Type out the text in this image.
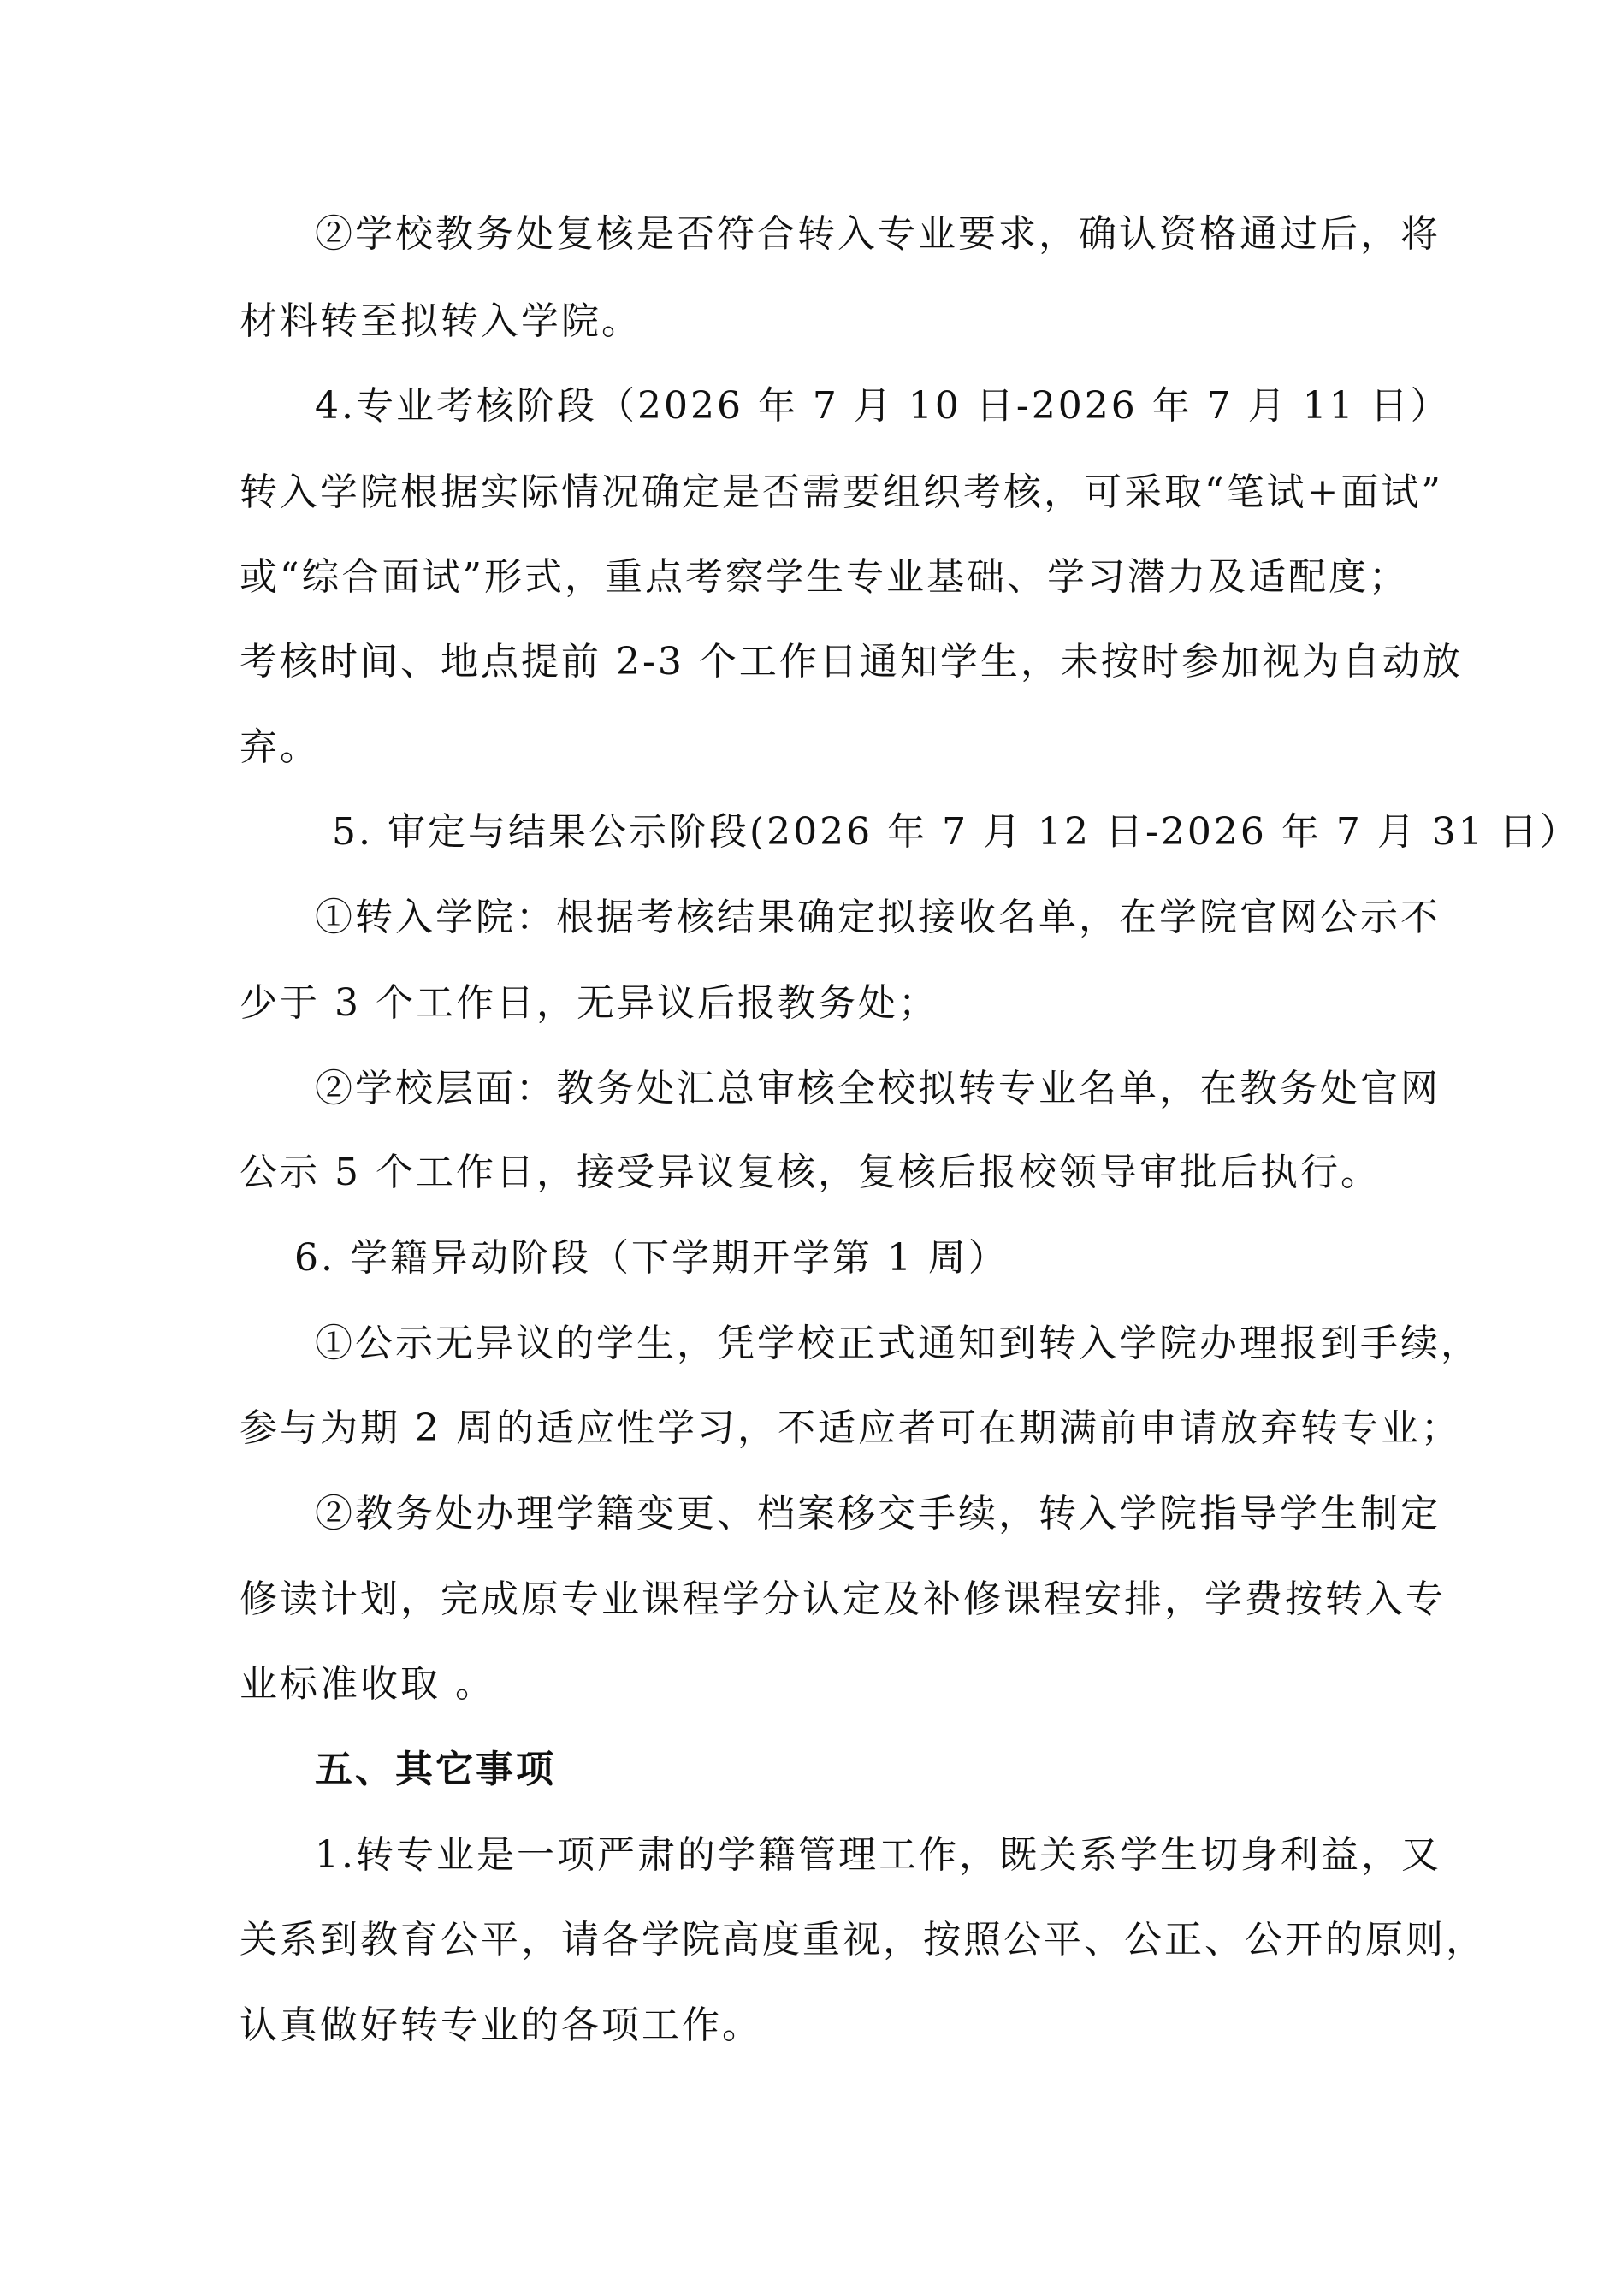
②学校教务处复核是否符合转入专业要求，确认资格通过后，将
材料转至拟转入学院。
4.专业考核阶段（2026 年 7 月 10 日-2026 年 7 月 11 日）
转入学院根据实际情况确定是否需要组织考核，可采取“笔试+面试”
或“综合面试”形式，重点考察学生专业基础、学习潜力及适配度；
考核时间、地点提前 2-3 个工作日通知学生，未按时参加视为自动放
弃。
5. 审定与结果公示阶段(2026 年 7 月 12 日-2026 年 7 月 31 日）
①转入学院：根据考核结果确定拟接收名单，在学院官网公示不
少于 3 个工作日，无异议后报教务处；
②学校层面：教务处汇总审核全校拟转专业名单，在教务处官网
公示 5 个工作日，接受异议复核，复核后报校领导审批后执行。
6. 学籍异动阶段（下学期开学第 1 周）
①公示无异议的学生，凭学校正式通知到转入学院办理报到手续，
参与为期 2 周的适应性学习，不适应者可在期满前申请放弃转专业；
②教务处办理学籍变更、档案移交手续，转入学院指导学生制定
修读计划，完成原专业课程学分认定及补修课程安排，学费按转入专
业标准收取 。
五、其它事项
1.转专业是一项严肃的学籍管理工作，既关系学生切身利益，又
关系到教育公平，请各学院高度重视，按照公平、公正、公开的原则，
认真做好转专业的各项工作。
